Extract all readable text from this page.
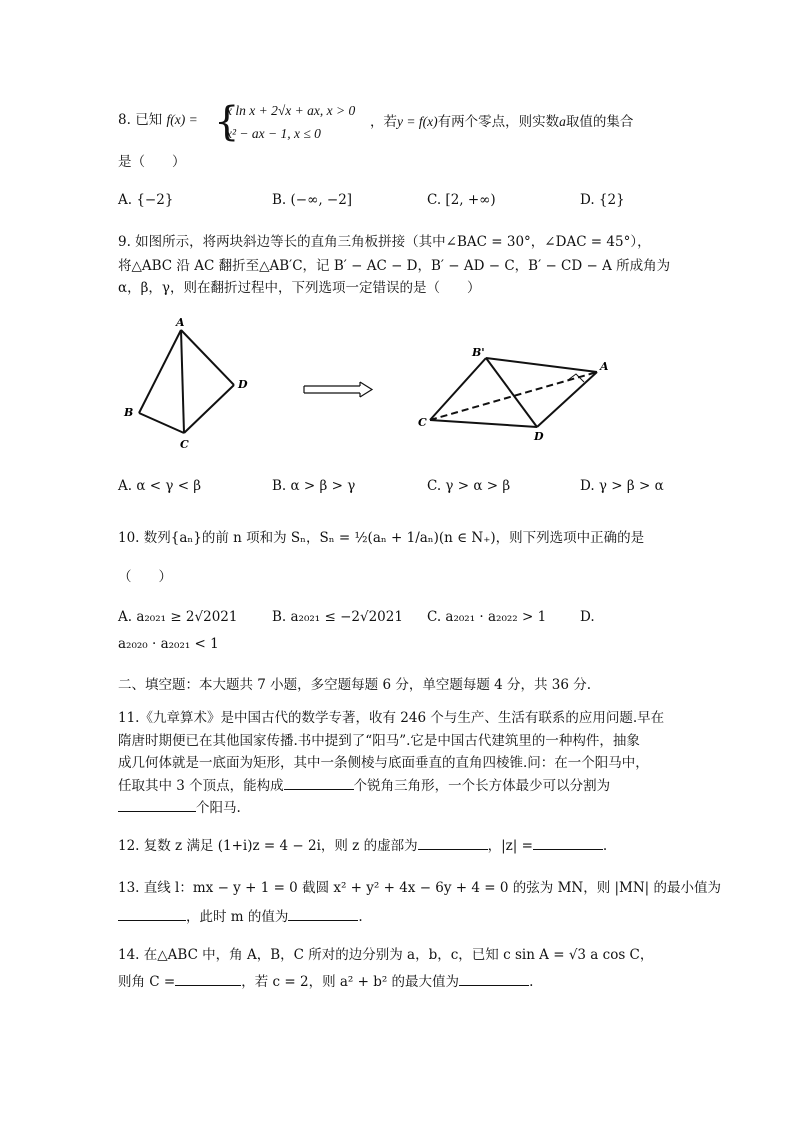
8. 已知 f(x) = {
x ln x + 2√x + ax, x > 0
x² − ax − 1, x ≤ 0
，若y = f(x)有两个零点，则实数a取值的集合
是（　　）
A. {−2}	B. (−∞, −2]	C. [2, +∞)	D. {2}
9. 如图所示，将两块斜边等长的直角三角板拼接（其中∠BAC = 30°，∠DAC = 45°），
将△ABC 沿 AC 翻折至△AB′C，记 B′ − AC − D，B′ − AD − C，B′ − CD − A 所成角为
α，β，γ，则在翻折过程中，下列选项一定错误的是（　　）
A
B
C
D
B'
A
C
D
A. α < γ < β	B. α > β > γ	C. γ > α > β	D. γ > β > α
10. 数列{aₙ}的前 n 项和为 Sₙ，Sₙ = ½(aₙ + 1/aₙ)(n ∈ N₊)，则下列选项中正确的是
（　　）
A. a₂₀₂₁ ≥ 2√2021	B. a₂₀₂₁ ≤ −2√2021 C. a₂₀₂₁ · a₂₀₂₂ > 1	D.
a₂₀₂₀ · a₂₀₂₁ < 1
二、填空题：本大题共 7 小题，多空题每题 6 分，单空题每题 4 分，共 36 分.
11.《九章算术》是中国古代的数学专著，收有 246 个与生产、生活有联系的应用问题.早在
隋唐时期便已在其他国家传播.书中提到了“阳马”.它是中国古代建筑里的一种构件，抽象
成几何体就是一底面为矩形，其中一条侧棱与底面垂直的直角四棱锥.问：在一个阳马中，
任取其中 3 个顶点，能构成	个锐角三角形，一个长方体最少可以分割为
个阳马.
12. 复数 z 满足 (1+i)z = 4 − 2i，则 z 的虚部为	，|z| =	.
13. 直线 l：mx − y + 1 = 0 截圆 x² + y² + 4x − 6y + 4 = 0 的弦为 MN，则 |MN| 的最小值为
，此时 m 的值为	.
14. 在△ABC 中，角 A，B，C 所对的边分别为 a，b，c，已知 c sin A = √3 a cos C，
则角 C =	，若 c = 2，则 a² + b² 的最大值为	.
